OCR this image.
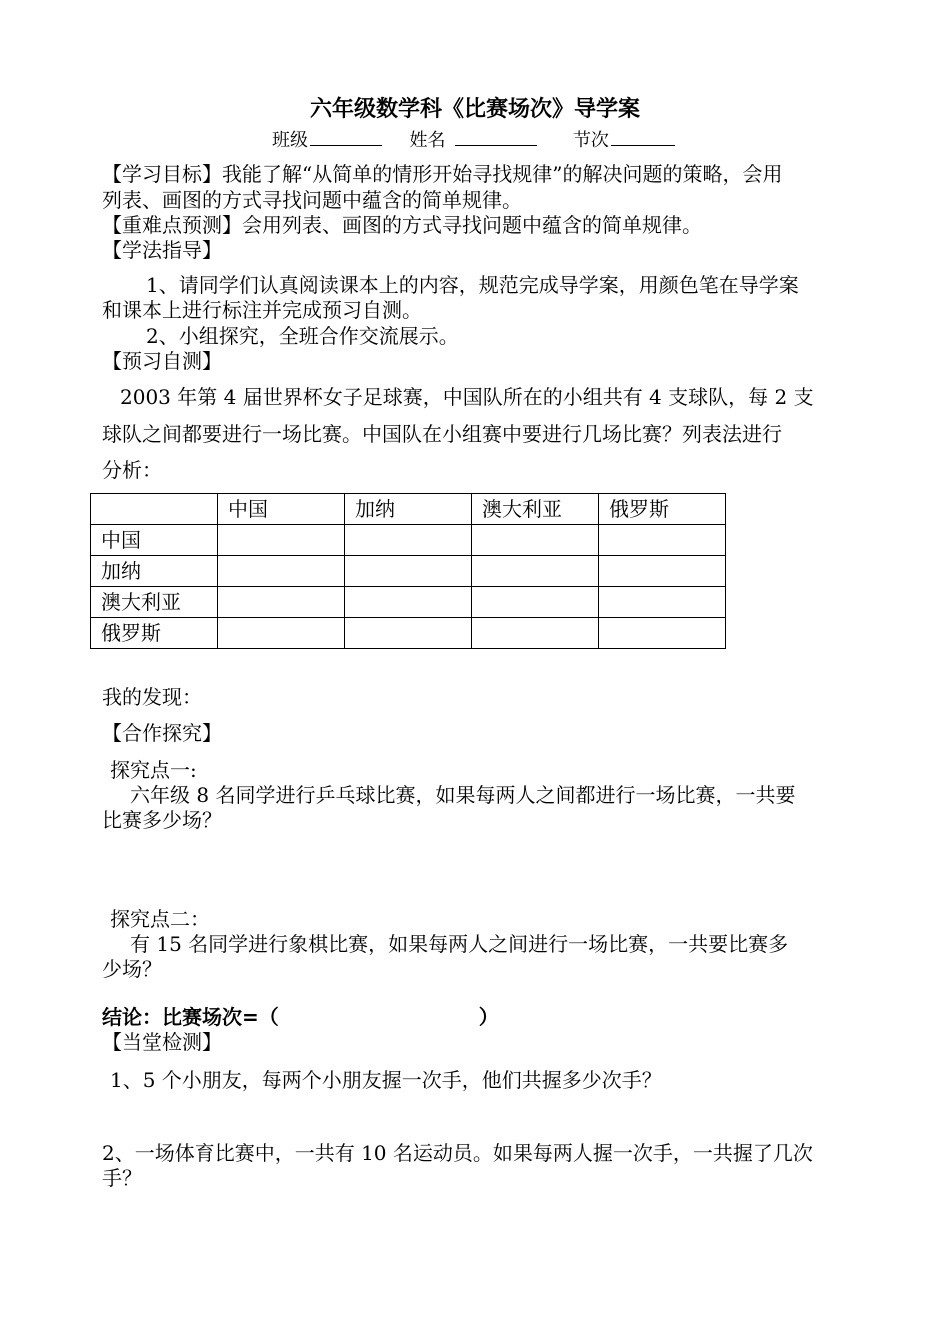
六年级数学科《比赛场次》导学案
班级	姓名	节次
【学习目标】我能了解“从简单的情形开始寻找规律”的解决问题的策略，会用
列表、画图的方式寻找问题中蕴含的简单规律。
【重难点预测】会用列表、画图的方式寻找问题中蕴含的简单规律。
【学法指导】
1、请同学们认真阅读课本上的内容，规范完成导学案，用颜色笔在导学案
和课本上进行标注并完成预习自测。
2、小组探究，全班合作交流展示。
【预习自测】
2003 年第 4 届世界杯女子足球赛，中国队所在的小组共有 4 支球队，每 2 支
球队之间都要进行一场比赛。中国队在小组赛中要进行几场比赛？列表法进行
分析：
	中国	加纳	澳大利亚	俄罗斯
中国				
加纳				
澳大利亚				
俄罗斯				
我的发现：
【合作探究】
探究点一:
六年级 8 名同学进行乒乓球比赛，如果每两人之间都进行一场比赛，一共要
比赛多少场？
探究点二：
有 15 名同学进行象棋比赛，如果每两人之间进行一场比赛，一共要比赛多
少场？
结论：比赛场次=（	）
【当堂检测】
1、5 个小朋友，每两个小朋友握一次手，他们共握多少次手？
2、一场体育比赛中，一共有 10 名运动员。如果每两人握一次手，一共握了几次
手？
